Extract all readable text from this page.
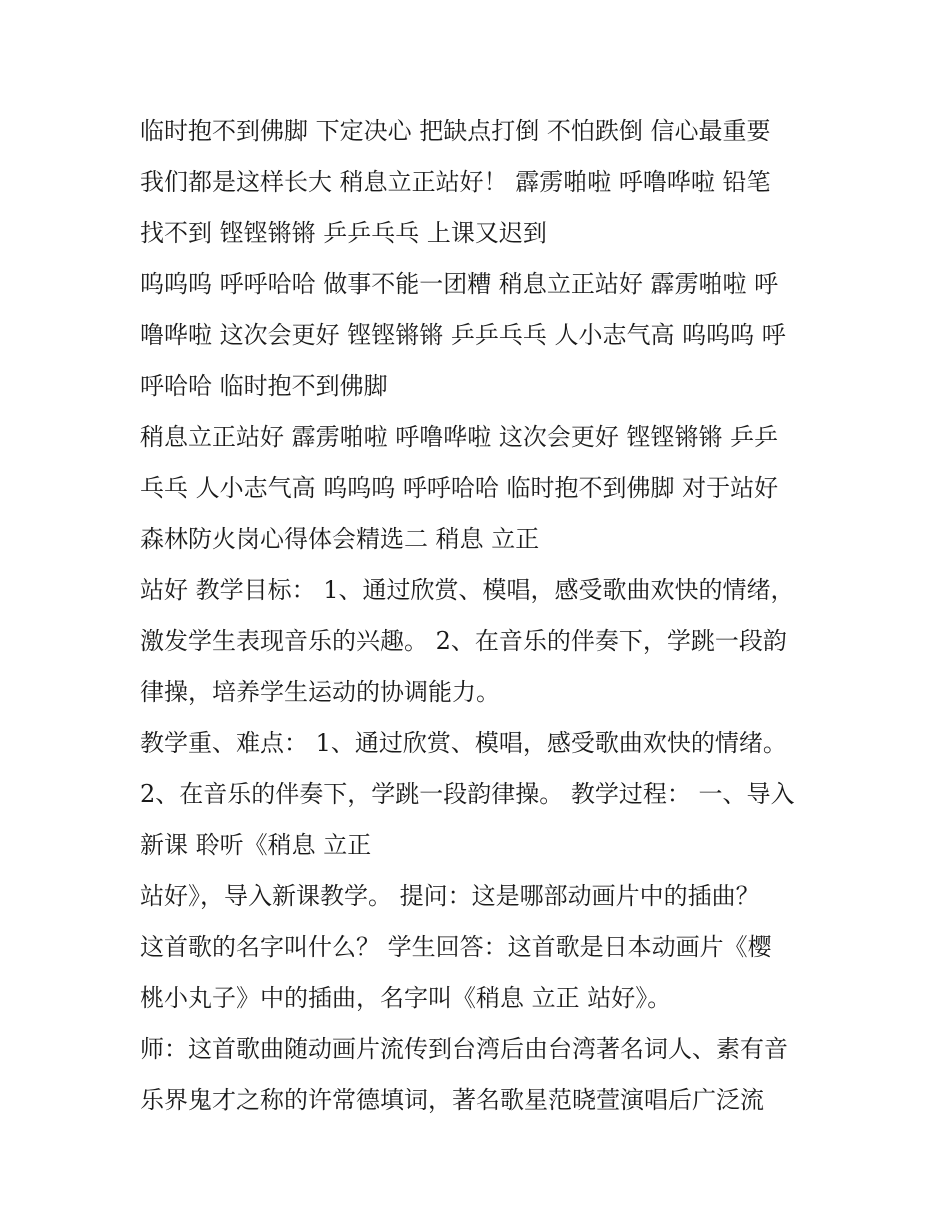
临时抱不到佛脚 下定决心 把缺点打倒 不怕跌倒 信心最重要
我们都是这样长大 稍息立正站好！ 霹雳啪啦 呼噜哗啦 铅笔
找不到 铿铿锵锵 乒乒乓乓 上课又迟到
呜呜呜 呼呼哈哈 做事不能一团糟 稍息立正站好 霹雳啪啦 呼
噜哗啦 这次会更好 铿铿锵锵 乒乒乓乓 人小志气高 呜呜呜 呼
呼哈哈 临时抱不到佛脚
稍息立正站好 霹雳啪啦 呼噜哗啦 这次会更好 铿铿锵锵 乒乒
乓乓 人小志气高 呜呜呜 呼呼哈哈 临时抱不到佛脚 对于站好
森林防火岗心得体会精选二 稍息 立正
站好 教学目标： 1、通过欣赏、模唱，感受歌曲欢快的情绪，
激发学生表现音乐的兴趣。 2、在音乐的伴奏下，学跳一段韵
律操，培养学生运动的协调能力。
教学重、难点： 1、通过欣赏、模唱，感受歌曲欢快的情绪。
2、在音乐的伴奏下，学跳一段韵律操。 教学过程： 一、导入
新课 聆听《稍息 立正
站好》，导入新课教学。 提问：这是哪部动画片中的插曲？
这首歌的名字叫什么？ 学生回答：这首歌是日本动画片《樱
桃小丸子》中的插曲，名字叫《稍息 立正 站好》。
师：这首歌曲随动画片流传到台湾后由台湾著名词人、素有音
乐界鬼才之称的许常德填词，著名歌星范晓萱演唱后广泛流
